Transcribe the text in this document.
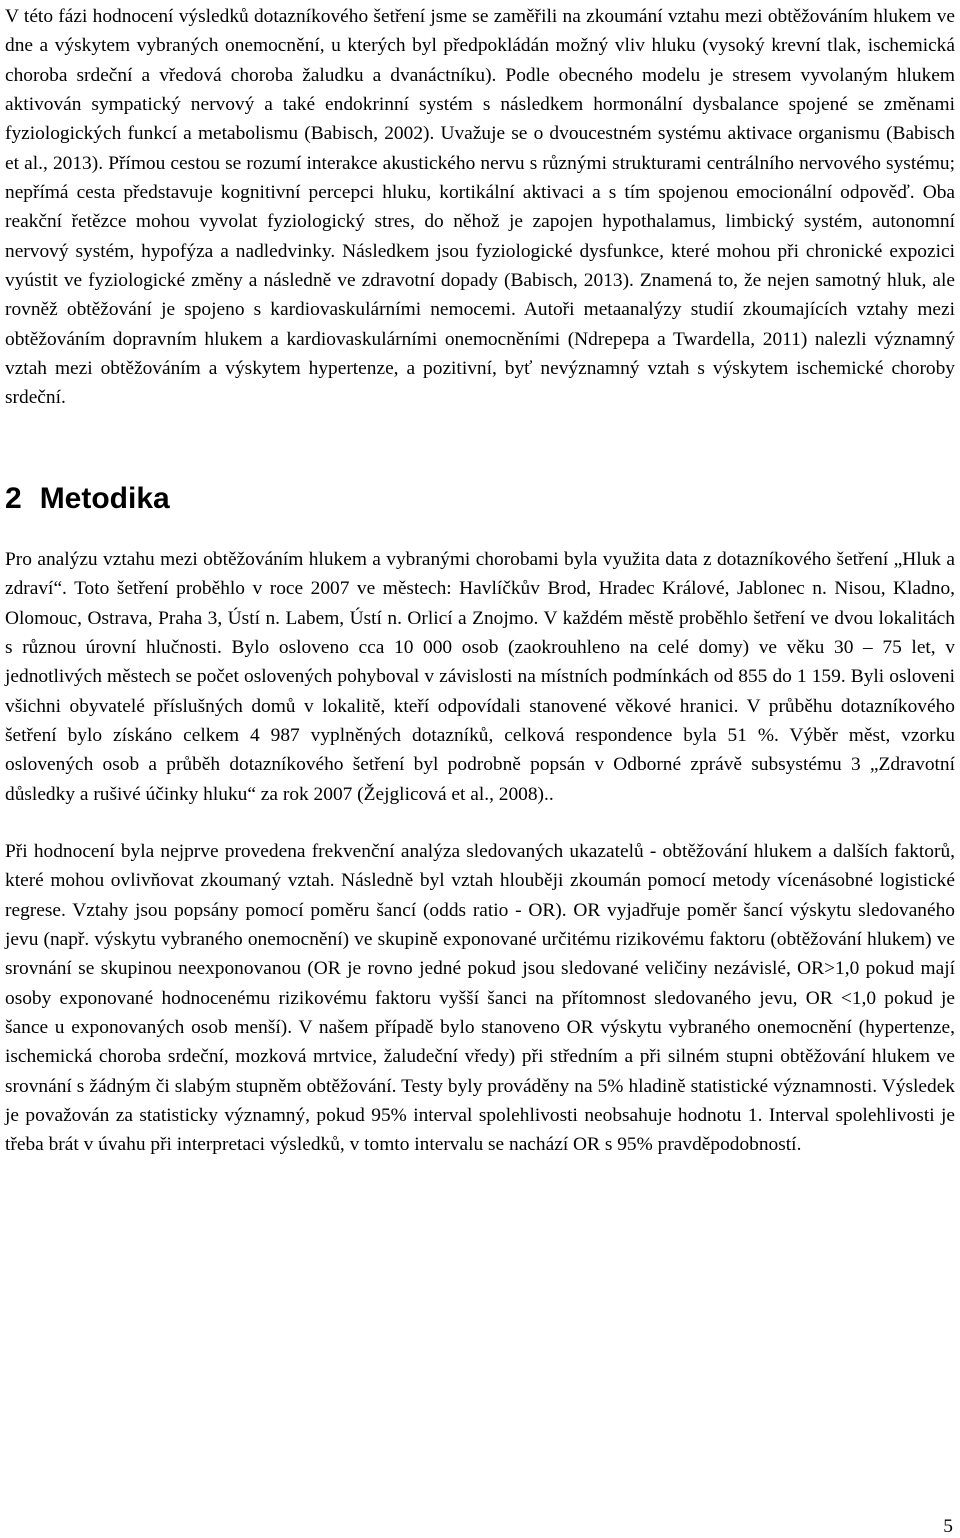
V této fázi hodnocení výsledků dotazníkového šetření jsme se zaměřili na zkoumání vztahu mezi obtěžováním hlukem ve dne a výskytem vybraných onemocnění, u kterých byl předpokládán možný vliv hluku (vysoký krevní tlak, ischemická choroba srdeční a vředová choroba žaludku a dvanáctníku). Podle obecného modelu je stresem vyvolaným hlukem aktivován sympatický nervový a také endokrinní systém s následkem hormonální dysbalance spojené se změnami fyziologických funkcí a metabolismu (Babisch, 2002). Uvažuje se o dvoucestném systému aktivace organismu (Babisch et al., 2013). Přímou cestou se rozumí interakce akustického nervu s různými strukturami centrálního nervového systému; nepřímá cesta představuje kognitivní percepci hluku, kortikální aktivaci a s tím spojenou emocionální odpověď. Oba reakční řetězce mohou vyvolat fyziologický stres, do něhož je zapojen hypothalamus, limbický systém, autonomní nervový systém, hypofýza a nadledvinky. Následkem jsou fyziologické dysfunkce, které mohou při chronické expozici vyústit ve fyziologické změny a následně ve zdravotní dopady (Babisch, 2013). Znamená to, že nejen samotný hluk, ale rovněž obtěžování je spojeno s kardiovaskulárními nemocemi. Autoři metaanalýzy studií zkoumajících vztahy mezi obtěžováním dopravním hlukem a kardiovaskulárními onemocněními (Ndrepepa a Twardella, 2011) nalezli významný vztah mezi obtěžováním a výskytem hypertenze, a pozitivní, byť nevýznamný vztah s výskytem ischemické choroby srdeční.

2 Metodika

Pro analýzu vztahu mezi obtěžováním hlukem a vybranými chorobami byla využita data z dotazníkového šetření „Hluk a zdraví“. Toto šetření proběhlo v roce 2007 ve městech: Havlíčkův Brod, Hradec Králové, Jablonec n. Nisou, Kladno, Olomouc, Ostrava, Praha 3, Ústí n. Labem, Ústí n. Orlicí a Znojmo. V každém městě proběhlo šetření ve dvou lokalitách s různou úrovní hlučnosti. Bylo osloveno cca 10 000 osob (zaokrouhleno na celé domy) ve věku 30 – 75 let, v jednotlivých městech se počet oslovených pohyboval v závislosti na místních podmínkách od 855 do 1 159. Byli osloveni všichni obyvatelé příslušných domů v lokalitě, kteří odpovídali stanovené věkové hranici. V průběhu dotazníkového šetření bylo získáno celkem 4 987 vyplněných dotazníků, celková respondence byla 51 %. Výběr měst, vzorku oslovených osob a průběh dotazníkového šetření byl podrobně popsán v Odborné zprávě subsystému 3 „Zdravotní důsledky a rušivé účinky hluku“ za rok 2007 (Žejglicová et al., 2008)..

Při hodnocení byla nejprve provedena frekvenční analýza sledovaných ukazatelů - obtěžování hlukem a dalších faktorů, které mohou ovlivňovat zkoumaný vztah. Následně byl vztah hlouběji zkoumán pomocí metody vícenásobné logistické regrese. Vztahy jsou popsány pomocí poměru šancí (odds ratio - OR). OR vyjadřuje poměr šancí výskytu sledovaného jevu (např. výskytu vybraného onemocnění) ve skupině exponované určitému rizikovému faktoru (obtěžování hlukem) ve srovnání se skupinou neexponovanou (OR je rovno jedné pokud jsou sledované veličiny nezávislé, OR>1,0 pokud mají osoby exponované hodnocenému rizikovému faktoru vyšší šanci na přítomnost sledovaného jevu, OR <1,0 pokud je šance u exponovaných osob menší). V našem případě bylo stanoveno OR výskytu vybraného onemocnění (hypertenze, ischemická choroba srdeční, mozková mrtvice, žaludeční vředy) při středním a při silném stupni obtěžování hlukem ve srovnání s žádným či slabým stupněm obtěžování. Testy byly prováděny na 5% hladině statistické významnosti. Výsledek je považován za statisticky významný, pokud 95% interval spolehlivosti neobsahuje hodnotu 1. Interval spolehlivosti je třeba brát v úvahu při interpretaci výsledků, v tomto intervalu se nachází OR s 95% pravděpodobností.

5
